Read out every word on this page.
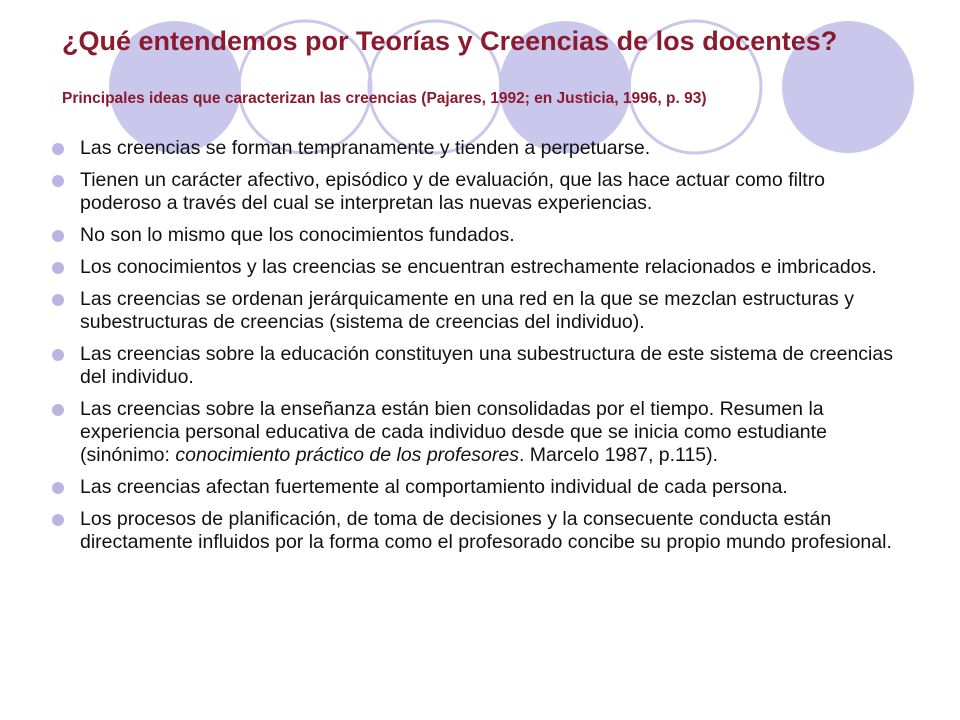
¿Qué entendemos por Teorías y Creencias de los docentes?
Principales ideas que caracterizan las creencias (Pajares, 1992; en Justicia, 1996, p. 93)
Las creencias se forman tempranamente y tienden a perpetuarse.
Tienen un carácter afectivo, episódico y de evaluación, que las hace actuar como filtro poderoso a través del cual se interpretan las nuevas experiencias.
No son lo mismo que los conocimientos fundados.
Los conocimientos y las creencias se encuentran estrechamente relacionados e imbricados.
Las creencias se ordenan jerárquicamente en una red en la que se mezclan estructuras y subestructuras de creencias (sistema de creencias del individuo).
Las creencias sobre la educación constituyen una subestructura de este sistema de creencias del individuo.
Las creencias sobre la enseñanza están bien consolidadas por el tiempo. Resumen la experiencia personal educativa de cada individuo desde que se inicia como estudiante (sinónimo: conocimiento práctico de los profesores. Marcelo 1987, p.115).
Las creencias afectan fuertemente al comportamiento individual de cada persona.
Los procesos de planificación, de toma de decisiones y la consecuente conducta están directamente influidos por la forma como el profesorado concibe su propio mundo profesional.
